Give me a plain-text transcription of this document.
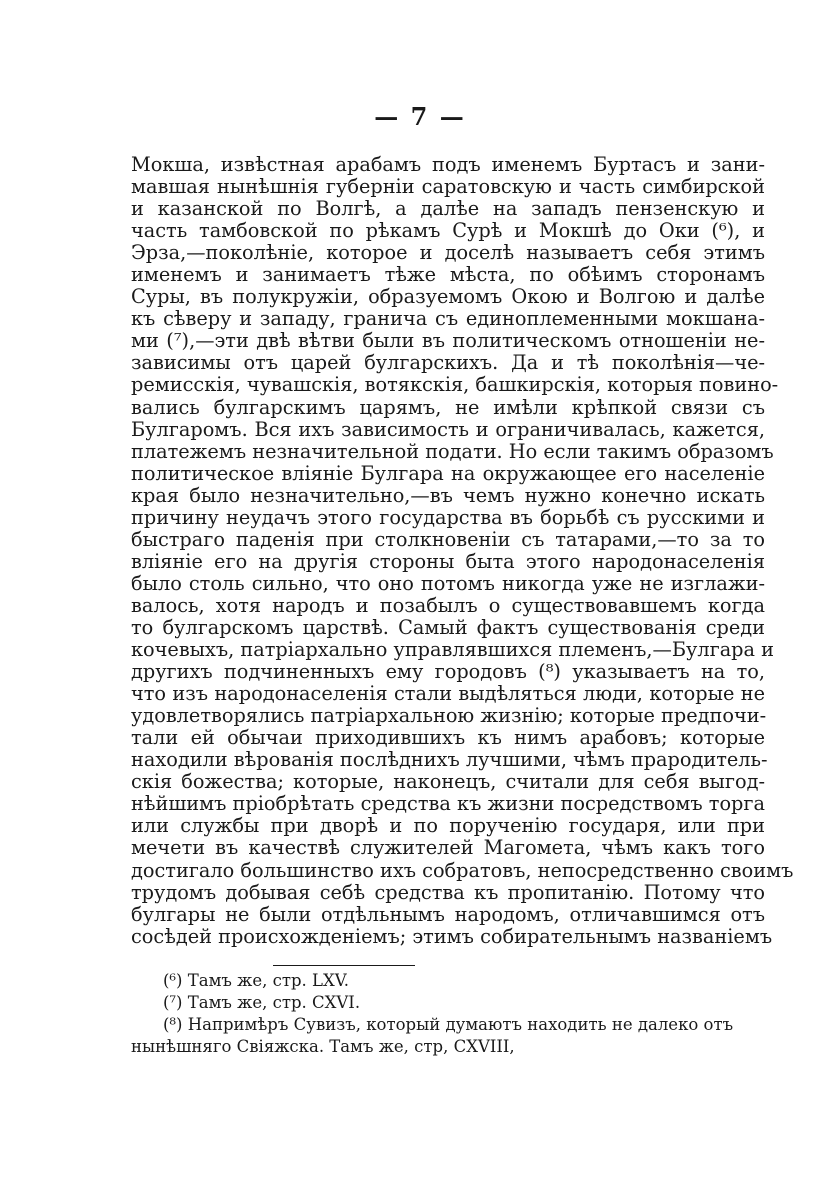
— 7 —
Мокша, извѣстная арабамъ подъ именемъ Буртасъ и зани-
мавшая нынѣшнія губерніи саратовскую и часть симбирской
и казанской по Волгѣ, а далѣе на западъ пензенскую и
часть тамбовской по рѣкамъ Сурѣ и Мокшѣ до Оки (⁶), и
Эрза,—поколѣніе, которое и доселѣ называетъ себя этимъ
именемъ и занимаетъ тѣже мѣста, по обѣимъ сторонамъ
Суры, въ полукружіи, образуемомъ Окою и Волгою и далѣе
къ сѣверу и западу, гранича съ единоплеменными мокшана-
ми (⁷),—эти двѣ вѣтви были въ политическомъ отношеніи не-
зависимы отъ царей булгарскихъ. Да и тѣ поколѣнія—че-
ремисскія, чувашскія, вотякскія, башкирскія, которыя повино-
вались булгарскимъ царямъ, не имѣли крѣпкой связи съ
Булгаромъ. Вся ихъ зависимость и ограничивалась, кажется,
платежемъ незначительной подати. Но если такимъ образомъ
политическое вліяніе Булгара на окружающее его населеніе
края было незначительно,—въ чемъ нужно конечно искать
причину неудачъ этого государства въ борьбѣ съ русскими и
быстраго паденія при столкновеніи съ татарами,—то за то
вліяніе его на другія стороны быта этого народонаселенія
было столь сильно, что оно потомъ никогда уже не изглажи-
валось, хотя народъ и позабылъ о существовавшемъ когда
то булгарскомъ царствѣ. Самый фактъ существованія среди
кочевыхъ, патріархально управлявшихся племенъ,—Булгара и
другихъ подчиненныхъ ему городовъ (⁸) указываетъ на то,
что изъ народонаселенія стали выдѣляться люди, которые не
удовлетворялись патріархальною жизнію; которые предпочи-
тали ей обычаи приходившихъ къ нимъ арабовъ; которые
находили вѣрованія послѣднихъ лучшими, чѣмъ прародитель-
скія божества; которые, наконецъ, считали для себя выгод-
нѣйшимъ пріобрѣтать средства къ жизни посредствомъ торга
или службы при дворѣ и по порученію государя, или при
мечети въ качествѣ служителей Магомета, чѣмъ какъ того
достигало большинство ихъ собратовъ, непосредственно своимъ
трудомъ добывая себѣ средства къ пропитанію. Потому что
булгары не были отдѣльнымъ народомъ, отличавшимся отъ
сосѣдей происхожденіемъ; этимъ собирательнымъ названіемъ
(⁶) Тамъ же, стр. LXV.
(⁷) Тамъ же, стр. CXVI.
(⁸) Напримѣръ Сувизъ, который думаютъ находить не далеко отъ
нынѣшняго Свіяжска. Тамъ же, стр, CXVIII,
